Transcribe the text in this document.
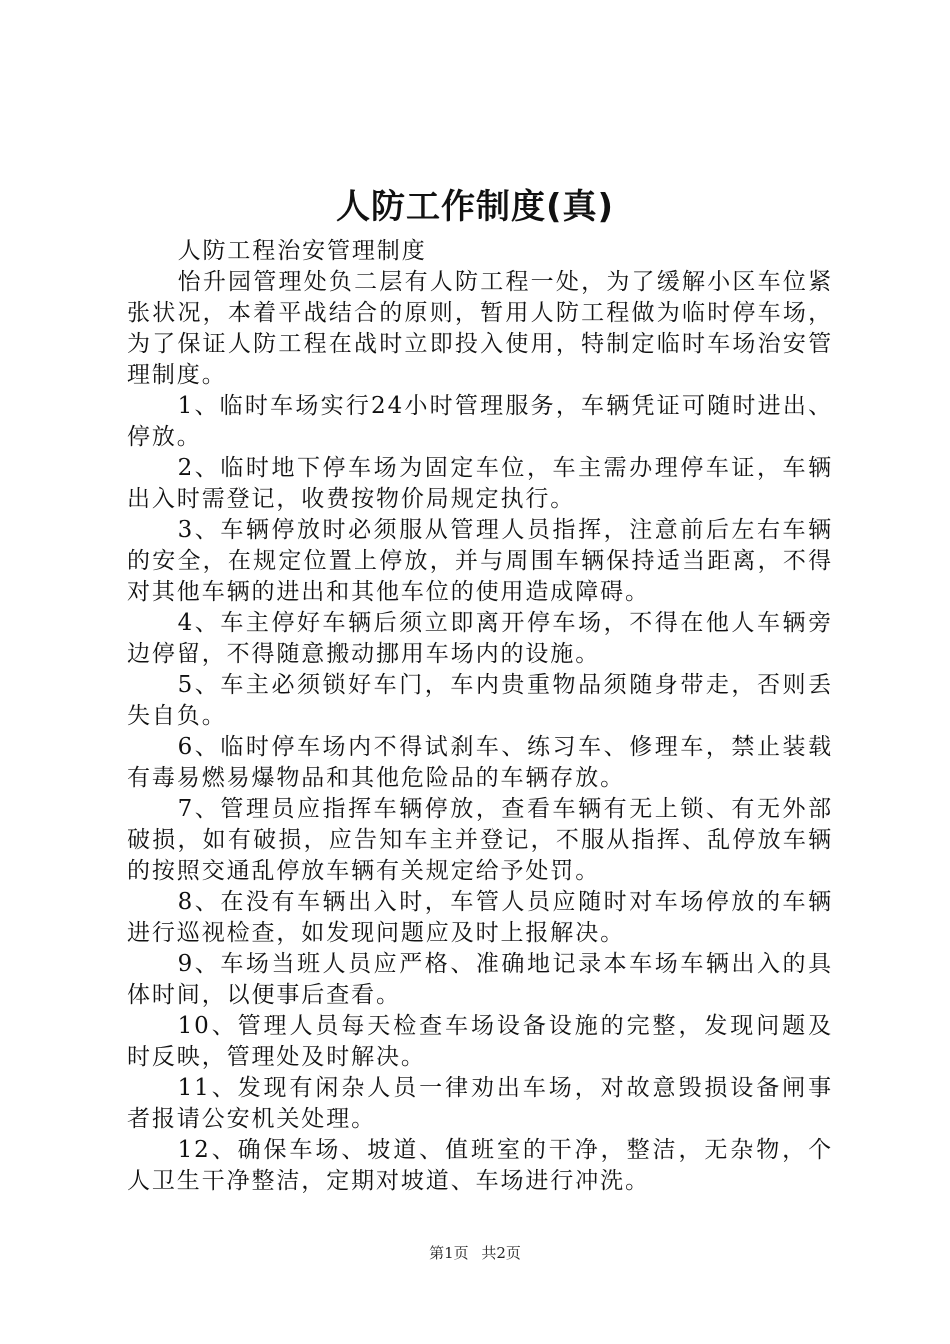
人防工作制度(真)

人防工程治安管理制度

怡升园管理处负二层有人防工程一处，为了缓解小区车位紧张状况，本着平战结合的原则，暂用人防工程做为临时停车场，为了保证人防工程在战时立即投入使用，特制定临时车场治安管理制度。

1、临时车场实行24小时管理服务，车辆凭证可随时进出、停放。

2、临时地下停车场为固定车位，车主需办理停车证，车辆出入时需登记，收费按物价局规定执行。

3、车辆停放时必须服从管理人员指挥，注意前后左右车辆的安全，在规定位置上停放，并与周围车辆保持适当距离，不得对其他车辆的进出和其他车位的使用造成障碍。

4、车主停好车辆后须立即离开停车场，不得在他人车辆旁边停留，不得随意搬动挪用车场内的设施。

5、车主必须锁好车门，车内贵重物品须随身带走，否则丢失自负。

6、临时停车场内不得试刹车、练习车、修理车，禁止装载有毒易燃易爆物品和其他危险品的车辆存放。

7、管理员应指挥车辆停放，查看车辆有无上锁、有无外部破损，如有破损，应告知车主并登记，不服从指挥、乱停放车辆的按照交通乱停放车辆有关规定给予处罚。

8、在没有车辆出入时，车管人员应随时对车场停放的车辆进行巡视检查，如发现问题应及时上报解决。

9、车场当班人员应严格、准确地记录本车场车辆出入的具体时间，以便事后查看。

10、管理人员每天检查车场设备设施的完整，发现问题及时反映，管理处及时解决。

11、发现有闲杂人员一律劝出车场，对故意毁损设备闸事者报请公安机关处理。

12、确保车场、坡道、值班室的干净，整洁，无杂物，个人卫生干净整洁，定期对坡道、车场进行冲洗。

第1页 共2页
